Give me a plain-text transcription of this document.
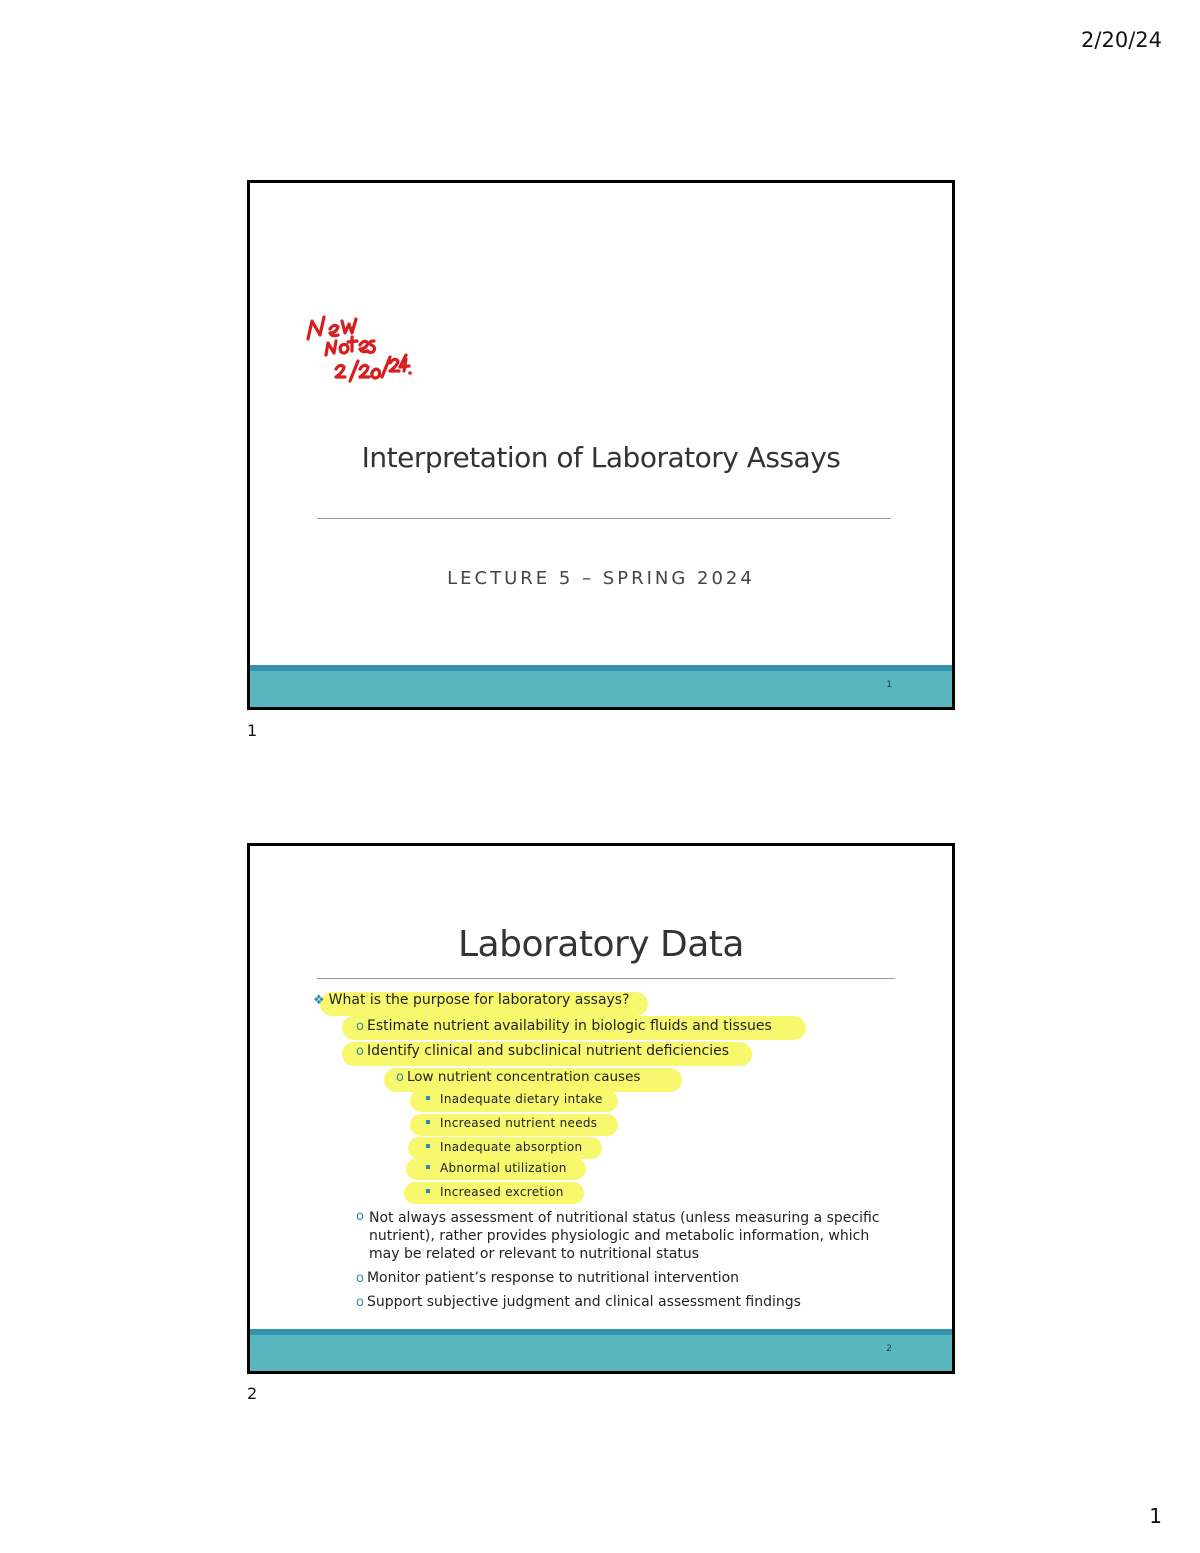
2/20/24
Interpretation of Laboratory Assays
LECTURE 5 – SPRING 2024
1
1
Laboratory Data
❖ What is the purpose for laboratory assays?
o Estimate nutrient availability in biologic fluids and tissues
o Identify clinical and subclinical nutrient deficiencies
o Low nutrient concentration causes
Inadequate dietary intake
Increased nutrient needs
Inadequate absorption
Abnormal utilization
Increased excretion
o Not always assessment of nutritional status (unless measuring a specific nutrient), rather provides physiologic and metabolic information, which may be related or relevant to nutritional status
o Monitor patient’s response to nutritional intervention
o Support subjective judgment and clinical assessment findings
2
2
1
